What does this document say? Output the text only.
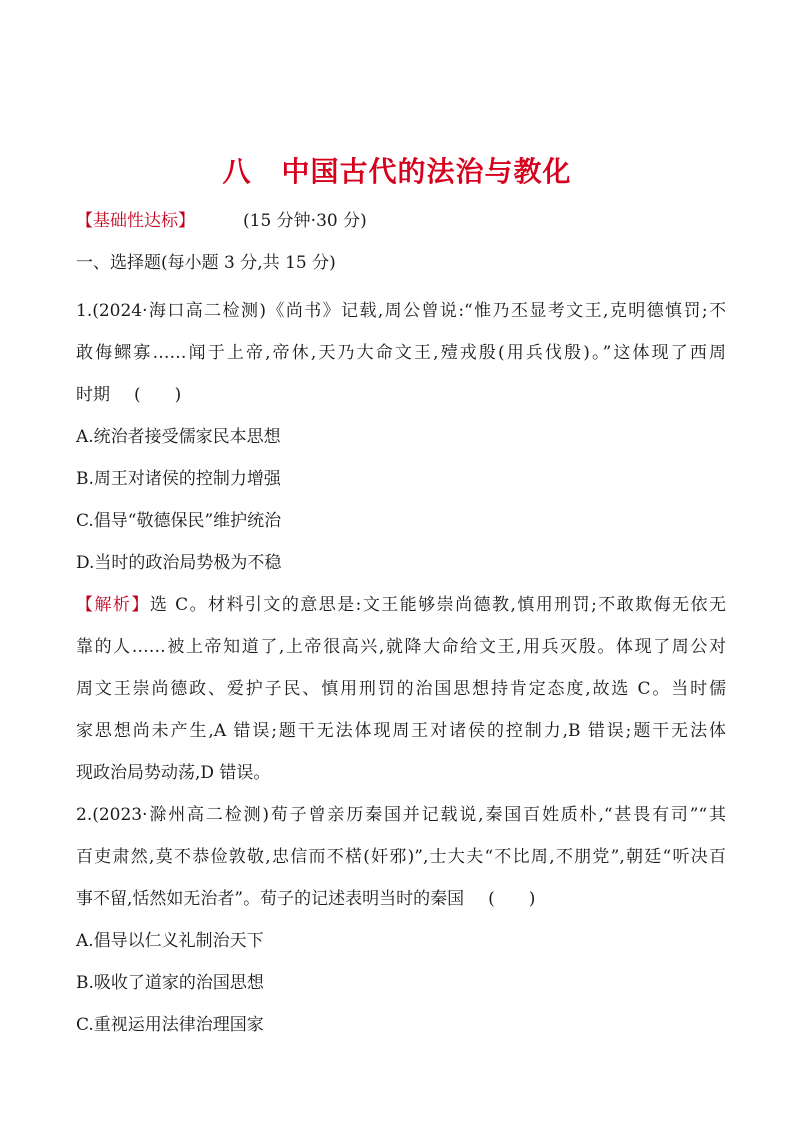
八 中国古代的法治与教化
【基础性达标】	(15 分钟·30 分)
一、选择题(每小题 3 分,共 15 分)

1.(2024·海口高二检测)《尚书》记载,周公曾说:“惟乃丕显考文王,克明德慎罚;不

敢侮鳏寡……闻于上帝,帝休,天乃大命文王,殪戎殷(用兵伐殷)。”这体现了西周

时期 (　　)

A.统治者接受儒家民本思想

B.周王对诸侯的控制力增强

C.倡导“敬德保民”维护统治

D.当时的政治局势极为不稳

【解析】选 C。材料引文的意思是:文王能够崇尚德教,慎用刑罚;不敢欺侮无依无

靠的人……被上帝知道了,上帝很高兴,就降大命给文王,用兵灭殷。体现了周公对

周文王崇尚德政、爱护子民、慎用刑罚的治国思想持肯定态度,故选 C。当时儒

家思想尚未产生,A 错误;题干无法体现周王对诸侯的控制力,B 错误;题干无法体

现政治局势动荡,D 错误。

2.(2023·滁州高二检测)荀子曾亲历秦国并记载说,秦国百姓质朴,“甚畏有司”“其

百吏肃然,莫不恭俭敦敬,忠信而不楛(奸邪)”,士大夫“不比周,不朋党”,朝廷“听决百

事不留,恬然如无治者”。荀子的记述表明当时的秦国 (　　)

A.倡导以仁义礼制治天下

B.吸收了道家的治国思想

C.重视运用法律治理国家
